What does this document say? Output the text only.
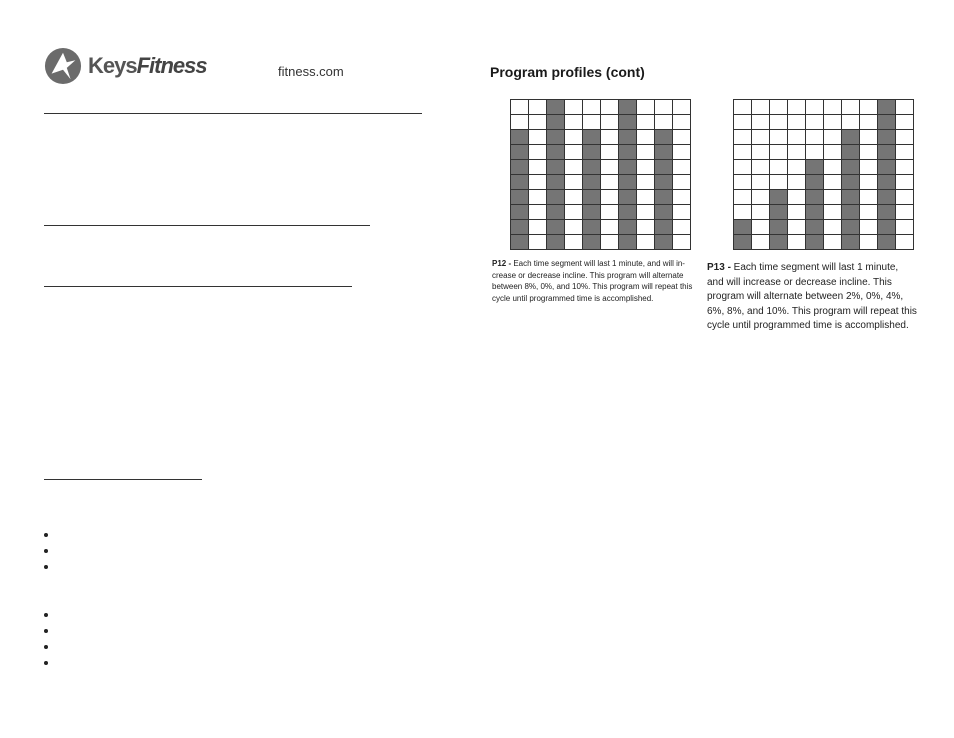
KeysFitness	fitness.com	Program profiles (cont)

P12 - Each time segment will last 1 minute, and will in-crease or decrease incline. This program will alternate between 8%, 0%, and 10%. This program will repeat this cycle until programmed time is accomplished.
P13 - Each time segment will last 1 minute, and will increase or decrease incline. This program will alternate between 2%, 0%, 4%, 6%, 8%, and 10%. This program will repeat this cycle until programmed time is accomplished.
